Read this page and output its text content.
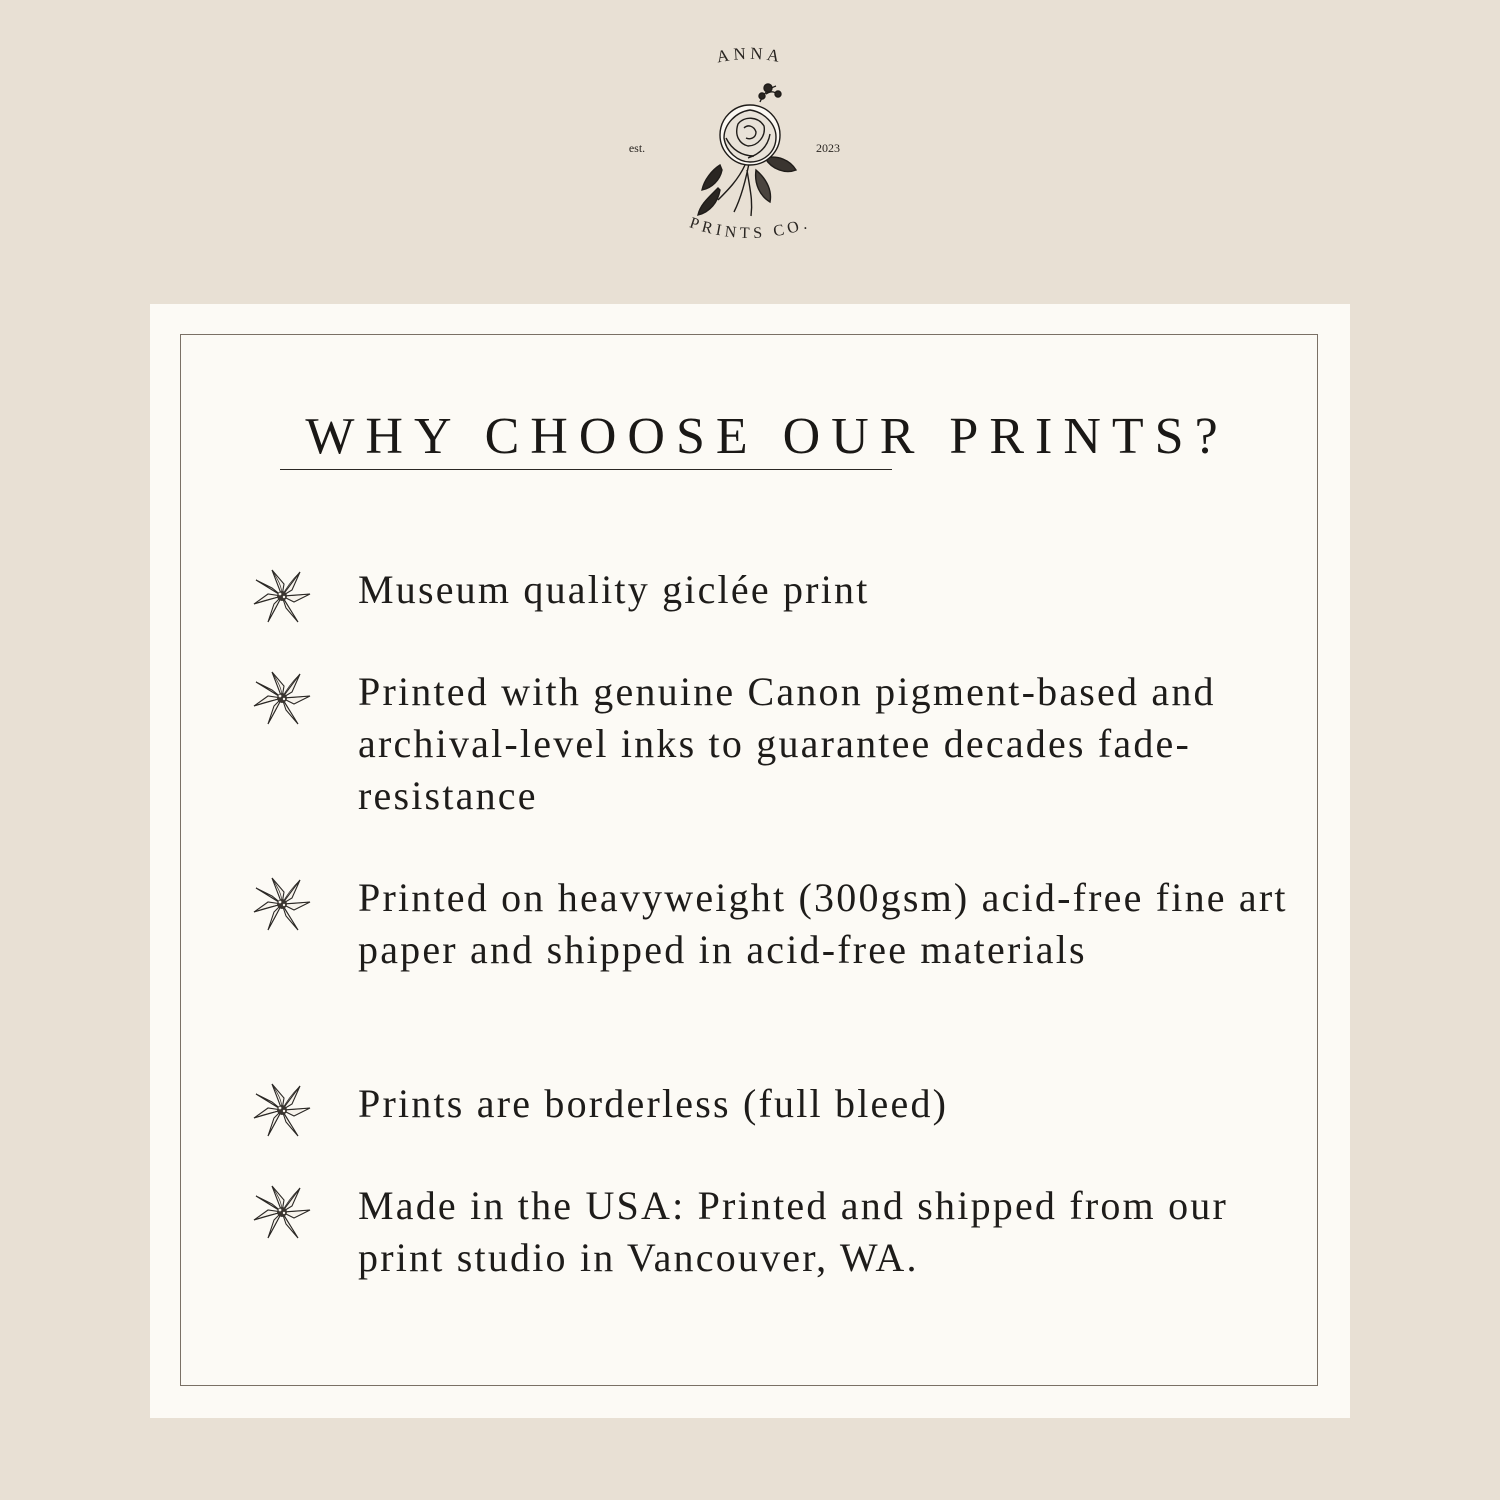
ANNA
PRINTS CO.
est.	2023
WHY CHOOSE OUR PRINTS?
Museum quality giclée print
Printed with genuine Canon pigment-based and archival-level inks to guarantee decades fade-resistance
Printed on heavyweight (300gsm) acid-free fine art paper and shipped in acid-free materials
Prints are borderless (full bleed)
Made in the USA: Printed and shipped from our print studio in Vancouver, WA.
